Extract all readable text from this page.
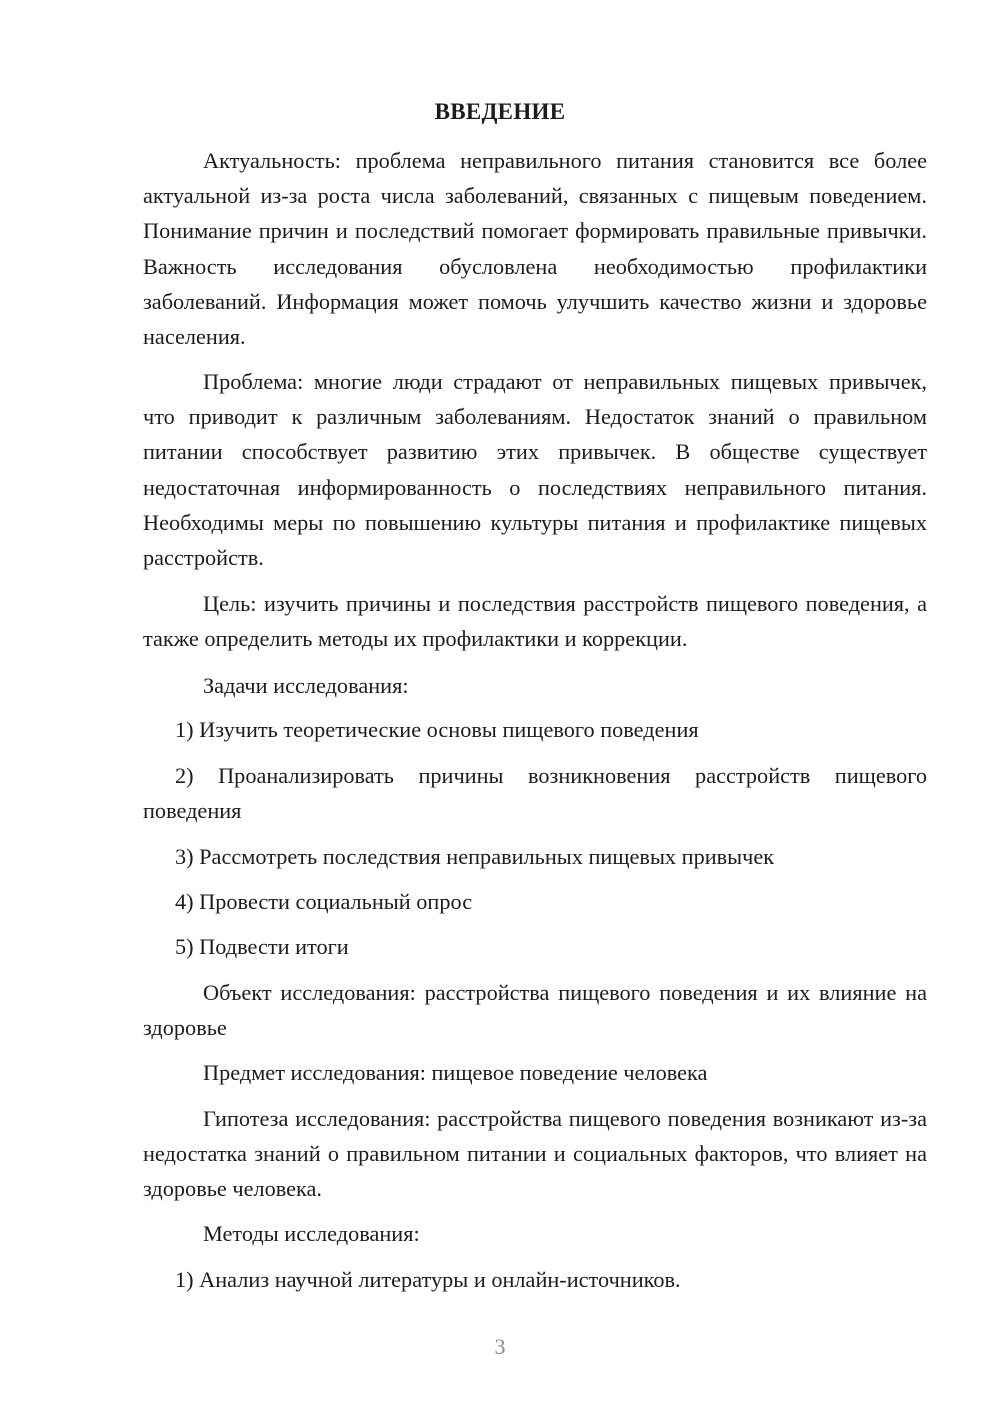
ВВЕДЕНИЕ

Актуальность: проблема неправильного питания становится все более актуальной из-за роста числа заболеваний, связанных с пищевым поведением. Понимание причин и последствий помогает формировать правильные привычки. Важность исследования обусловлена необходимостью профилактики заболеваний. Информация может помочь улучшить качество жизни и здоровье населения.

Проблема: многие люди страдают от неправильных пищевых привычек, что приводит к различным заболеваниям. Недостаток знаний о правильном питании способствует развитию этих привычек. В обществе существует недостаточная информированность о последствиях неправильного питания. Необходимы меры по повышению культуры питания и профилактике пищевых расстройств.

Цель: изучить причины и последствия расстройств пищевого поведения, а также определить методы их профилактики и коррекции.

Задачи исследования:

1) Изучить теоретические основы пищевого поведения

2) Проанализировать причины возникновения расстройств пищевого поведения

3) Рассмотреть последствия неправильных пищевых привычек

4) Провести социальный опрос

5) Подвести итоги

Объект исследования: расстройства пищевого поведения и их влияние на здоровье

Предмет исследования: пищевое поведение человека

Гипотеза исследования: расстройства пищевого поведения возникают из-за недостатка знаний о правильном питании и социальных факторов, что влияет на здоровье человека.

Методы исследования:

1) Анализ научной литературы и онлайн-источников.

3
